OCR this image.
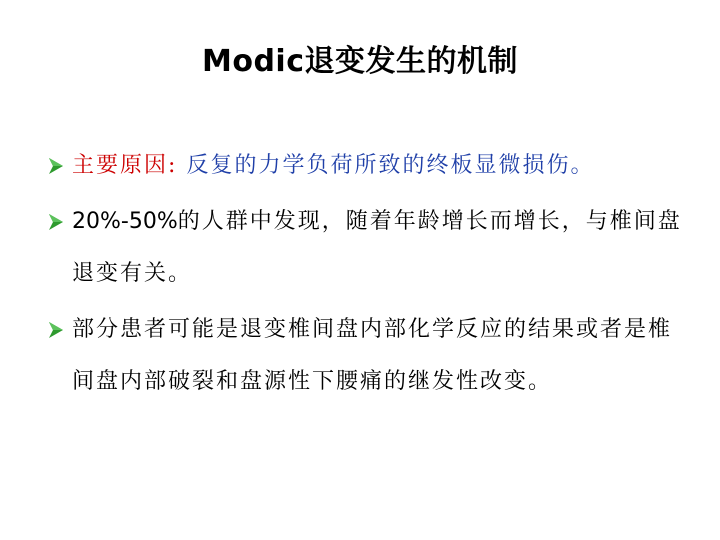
Modic退变发生的机制
主要原因: 反复的力学负荷所致的终板显微损伤。
20%-50%的人群中发现，随着年龄增长而增长，与椎间盘退变有关。
部分患者可能是退变椎间盘内部化学反应的结果或者是椎间盘内部破裂和盘源性下腰痛的继发性改变。
